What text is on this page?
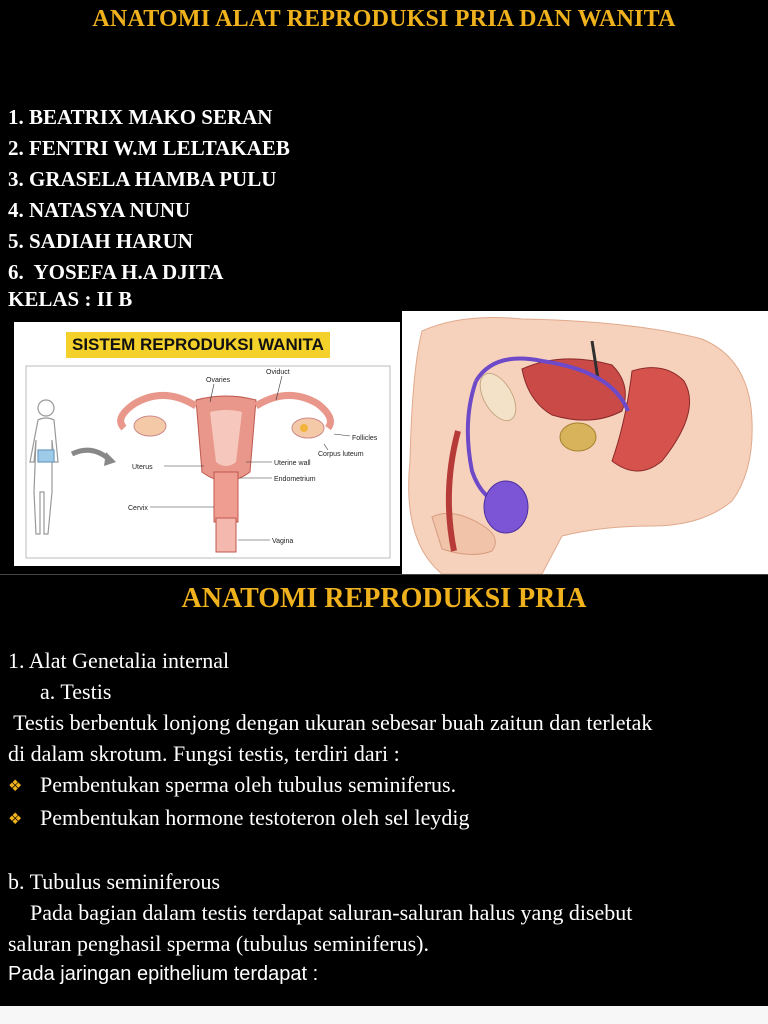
ANATOMI ALAT REPRODUKSI PRIA DAN WANITA
1. BEATRIX MAKO SERAN
2. FENTRI W.M LELTAKAEB
3. GRASELA HAMBA PULU
4. NATASYA NUNU
5. SADIAH HARUN
6.  YOSEFA H.A DJITA
KELAS : II B
SISTEM REPRODUKSI WANITA
Oviduct
Ovaries
Follicles
Corpus luteum
Uterus
Uterine wall
Endometrium
Cervix
Vagina
ANATOMI REPRODUKSI PRIA

1. Alat Genetalia internal

a. Testis

Testis berbentuk lonjong dengan ukuran sebesar buah zaitun dan terletak

di dalam skrotum. Fungsi testis, terdiri dari :

❖ Pembentukan sperma oleh tubulus seminiferus.
❖ Pembentukan hormone testoteron oleh sel leydig

b. Tubulus seminiferous

Pada bagian dalam testis terdapat saluran-saluran halus yang disebut

saluran penghasil sperma (tubulus seminiferus).

Pada jaringan epithelium terdapat :
